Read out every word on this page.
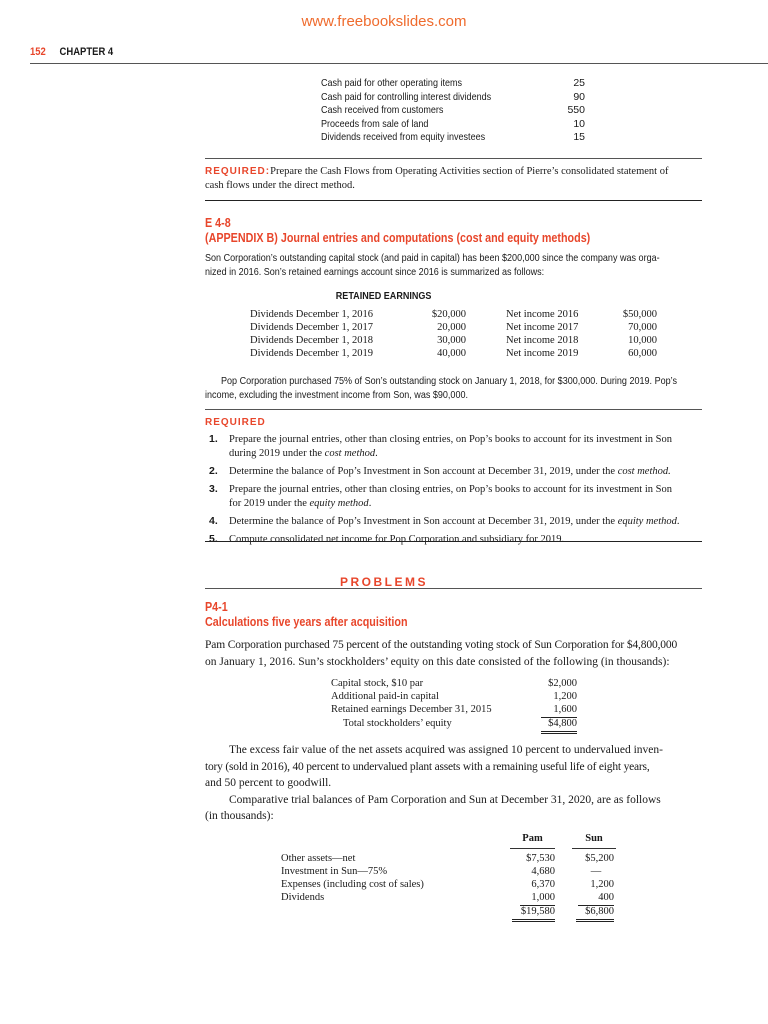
www.freebookslides.com
152 CHAPTER 4
Cash paid for other operating items	25
Cash paid for controlling interest dividends	90
Cash received from customers	550
Proceeds from sale of land	10
Dividends received from equity investees	15
REQUIRED:Prepare the Cash Flows from Operating Activities section of Pierre’s consolidated statement of
cash flows under the direct method.
E 4-8
(APPENDIX B) Journal entries and computations (cost and equity methods)
Son Corporation’s outstanding capital stock (and paid in capital) has been $200,000 since the company was orga-
nized in 2016. Son’s retained earnings account since 2016 is summarized as follows:
RETAINED EARNINGS
Dividends December 1, 2016	$20,000	Net income 2016	$50,000
Dividends December 1, 2017	20,000	Net income 2017	70,000
Dividends December 1, 2018	30,000	Net income 2018	10,000
Dividends December 1, 2019	40,000	Net income 2019	60,000
Pop Corporation purchased 75% of Son’s outstanding stock on January 1, 2018, for $300,000. During 2019. Pop’s
income, excluding the investment income from Son, was $90,000.
REQUIRED
1. Prepare the journal entries, other than closing entries, on Pop’s books to account for its investment in Son
during 2019 under the cost method.
2. Determine the balance of Pop’s Investment in Son account at December 31, 2019, under the cost method.
3. Prepare the journal entries, other than closing entries, on Pop’s books to account for its investment in Son
for 2019 under the equity method.
4. Determine the balance of Pop’s Investment in Son account at December 31, 2019, under the equity method.
5. Compute consolidated net income for Pop Corporation and subsidiary for 2019.
PROBLEMS
P4-1
Calculations five years after acquisition
Pam Corporation purchased 75 percent of the outstanding voting stock of Sun Corporation for $4,800,000
on January 1, 2016. Sun’s stockholders’ equity on this date consisted of the following (in thousands):
Capital stock, $10 par	$2,000
Additional paid-in capital	1,200
Retained earnings December 31, 2015	1,600
Total stockholders’ equity	$4,800
The excess fair value of the net assets acquired was assigned 10 percent to undervalued inven-
tory (sold in 2016), 40 percent to undervalued plant assets with a remaining useful life of eight years,
and 50 percent to goodwill.
Comparative trial balances of Pam Corporation and Sun at December 31, 2020, are as follows
(in thousands):
Pam	Sun
Other assets—net	$7,530	$5,200
Investment in Sun—75%	4,680	—
Expenses (including cost of sales)	6,370	1,200
Dividends	1,000	400
$19,580	$6,800
